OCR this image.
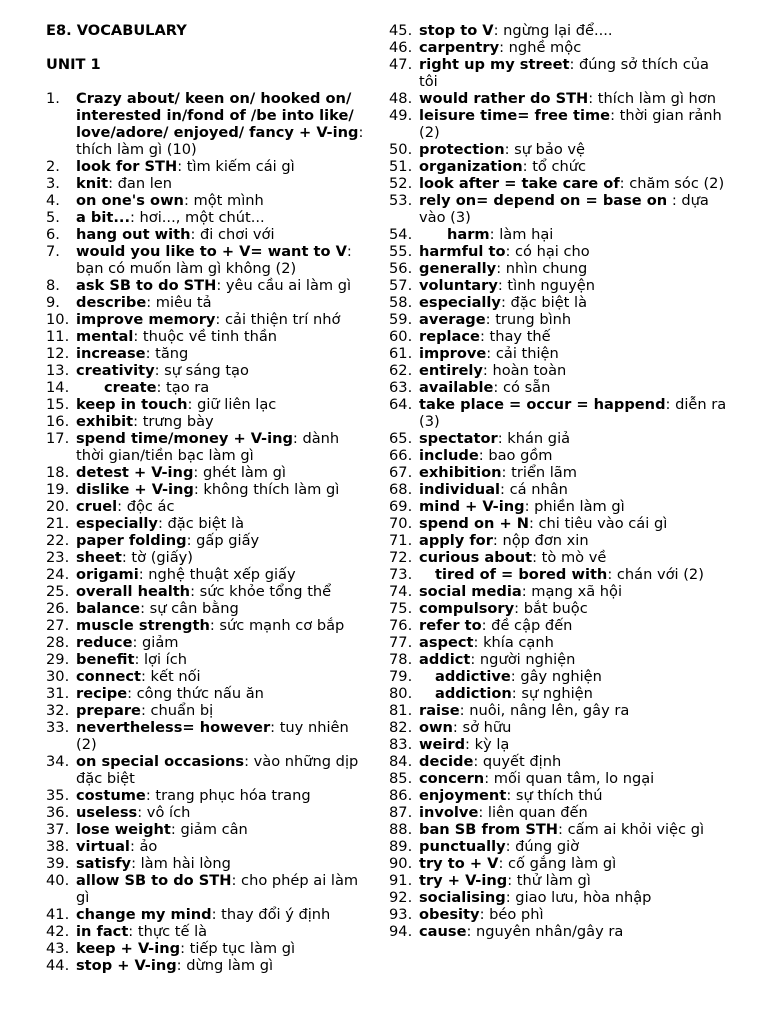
E8. VOCABULARY
UNIT 1
1. Crazy about/ keen on/ hooked on/ interested in/fond of /be into like/ love/adore/ enjoyed/ fancy + V-ing: thích làm gì (10)
2. look for STH: tìm kiếm cái gì
3. knit: đan len
4. on one's own: một mình
5. a bit...: hơi..., một chút...
6. hang out with: đi chơi với
7. would you like to + V= want to V: bạn có muốn làm gì không (2)
8. ask SB to do STH: yêu cầu ai làm gì
9. describe: miêu tả
10. improve memory: cải thiện trí nhớ
11. mental: thuộc về tinh thần
12. increase: tăng
13. creativity: sự sáng tạo
14. create: tạo ra
15. keep in touch: giữ liên lạc
16. exhibit: trưng bày
17. spend time/money + V-ing: dành thời gian/tiền bạc làm gì
18. detest + V-ing: ghét làm gì
19. dislike + V-ing: không thích làm gì
20. cruel: độc ác
21. especially: đặc biệt là
22. paper folding: gấp giấy
23. sheet: tờ (giấy)
24. origami: nghệ thuật xếp giấy
25. overall health: sức khỏe tổng thể
26. balance: sự cân bằng
27. muscle strength: sức mạnh cơ bắp
28. reduce: giảm
29. benefit: lợi ích
30. connect: kết nối
31. recipe: công thức nấu ăn
32. prepare: chuẩn bị
33. nevertheless= however: tuy nhiên (2)
34. on special occasions: vào những dịp đặc biệt
35. costume: trang phục hóa trang
36. useless: vô ích
37. lose weight: giảm cân
38. virtual: ảo
39. satisfy: làm hài lòng
40. allow SB to do STH: cho phép ai làm gì
41. change my mind: thay đổi ý định
42. in fact: thực tế là
43. keep + V-ing: tiếp tục làm gì
44. stop + V-ing: dừng làm gì
45. stop to V: ngừng lại để....
46. carpentry: nghề mộc
47. right up my street: đúng sở thích của tôi
48. would rather do STH: thích làm gì hơn
49. leisure time= free time: thời gian rảnh (2)
50. protection: sự bảo vệ
51. organization: tổ chức
52. look after = take care of: chăm sóc (2)
53. rely on= depend on = base on : dựa vào (3)
54. harm: làm hại
55. harmful to: có hại cho
56. generally: nhìn chung
57. voluntary: tình nguyện
58. especially: đặc biệt là
59. average: trung bình
60. replace: thay thế
61. improve: cải thiện
62. entirely: hoàn toàn
63. available: có sẵn
64. take place = occur = happend: diễn ra (3)
65. spectator: khán giả
66. include: bao gồm
67. exhibition: triển lãm
68. individual: cá nhân
69. mind + V-ing: phiền làm gì
70. spend on + N: chi tiêu vào cái gì
71. apply for: nộp đơn xin
72. curious about: tò mò về
73. tired of = bored with: chán với (2)
74. social media: mạng xã hội
75. compulsory: bắt buộc
76. refer to: đề cập đến
77. aspect: khía cạnh
78. addict: người nghiện
79. addictive: gây nghiện
80. addiction: sự nghiện
81. raise: nuôi, nâng lên, gây ra
82. own: sở hữu
83. weird: kỳ lạ
84. decide: quyết định
85. concern: mối quan tâm, lo ngại
86. enjoyment: sự thích thú
87. involve: liên quan đến
88. ban SB from STH: cấm ai khỏi việc gì
89. punctually: đúng giờ
90. try to + V: cố gắng làm gì
91. try + V-ing: thử làm gì
92. socialising: giao lưu, hòa nhập
93. obesity: béo phì
94. cause: nguyên nhân/gây ra
